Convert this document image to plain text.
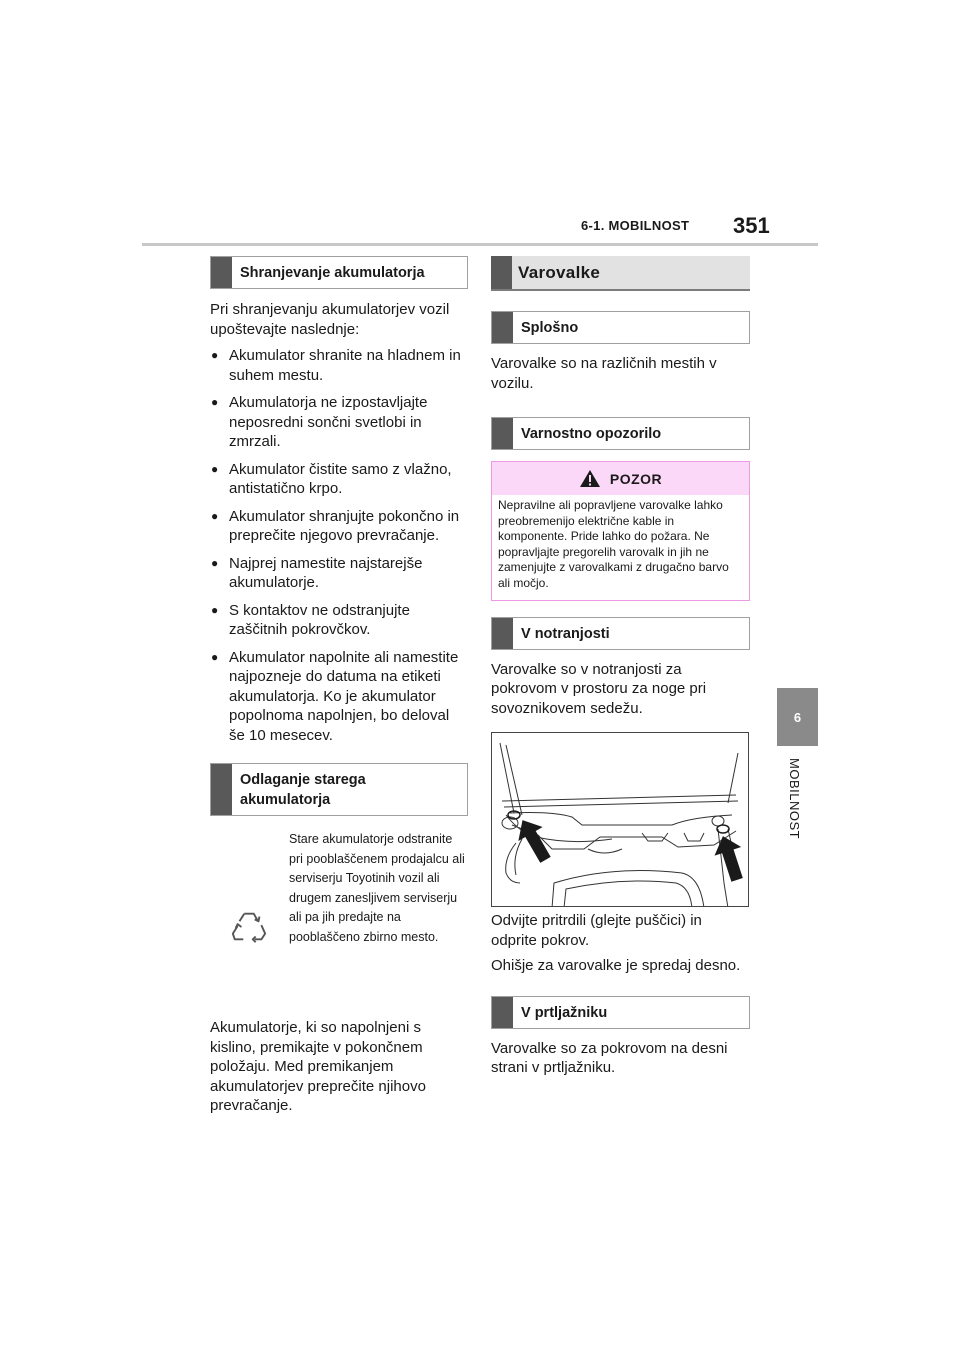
6-1. MOBILNOST 351
6
MOBILNOST
Shranjevanje akumulatorja

Pri shranjevanju akumulatorjev vozil upoštevajte naslednje:

● Akumulator shranite na hladnem in suhem mestu.
● Akumulatorja ne izpostavljajte neposredni sončni svetlobi in zmrzali.
● Akumulator čistite samo z vlažno, antistatično krpo.
● Akumulator shranjujte pokončno in preprečite njegovo prevračanje.
● Najprej namestite najstarejše akumulatorje.
● S kontaktov ne odstranjujte zaščitnih pokrovčkov.
● Akumulator napolnite ali namestite najpozneje do datuma na etiketi akumulatorja. Ko je akumulator popolnoma napolnjen, bo deloval še 10 mesecev.
Odlaganje starega akumulatorja
Stare akumulatorje odstranite pri pooblaščenem prodajalcu ali serviserju Toyotinih vozil ali drugem zanesljivem serviserju ali pa jih predajte na pooblaščeno zbirno mesto.

Akumulatorje, ki so napolnjeni s kislino, premikajte v pokončnem položaju. Med premikanjem akumulatorjev preprečite njihovo prevračanje.

Varovalke
Splošno

Varovalke so na različnih mestih v vozilu.

Varnostno opozorilo
POZOR
Nepravilne ali popravljene varovalke lahko preobremenijo električne kable in komponente. Pride lahko do požara. Ne popravljajte pregorelih varovalk in jih ne zamenjujte z varovalkami z drugačno barvo ali močjo.
V notranjosti

Varovalke so v notranjosti za pokrovom v prostoru za noge pri sovoznikovem sedežu.

Odvijte pritrdili (glejte puščici) in odprite pokrov.

Ohišje za varovalke je spredaj desno.

V prtljažniku

Varovalke so za pokrovom na desni strani v prtljažniku.
